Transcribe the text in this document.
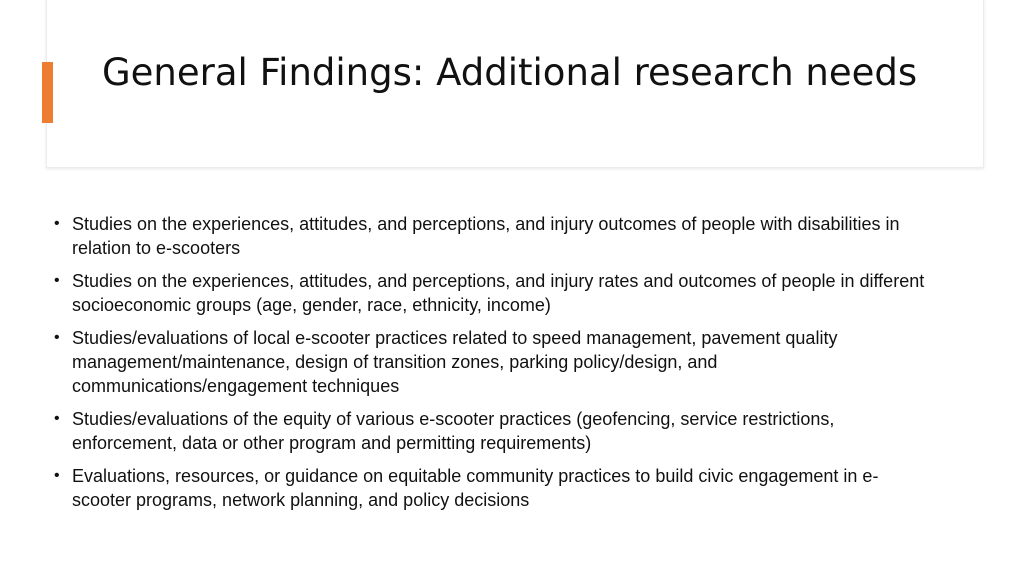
General Findings: Additional research needs
• Studies on the experiences, attitudes, and perceptions, and injury outcomes of people with disabilities in relation to e-scooters
• Studies on the experiences, attitudes, and perceptions, and injury rates and outcomes of people in different socioeconomic groups (age, gender, race, ethnicity, income)
• Studies/evaluations of local e-scooter practices related to speed management, pavement quality management/maintenance, design of transition zones, parking policy/design, and communications/engagement techniques
• Studies/evaluations of the equity of various e-scooter practices (geofencing, service restrictions, enforcement, data or other program and permitting requirements)
• Evaluations, resources, or guidance on equitable community practices to build civic engagement in e-scooter programs, network planning, and policy decisions
